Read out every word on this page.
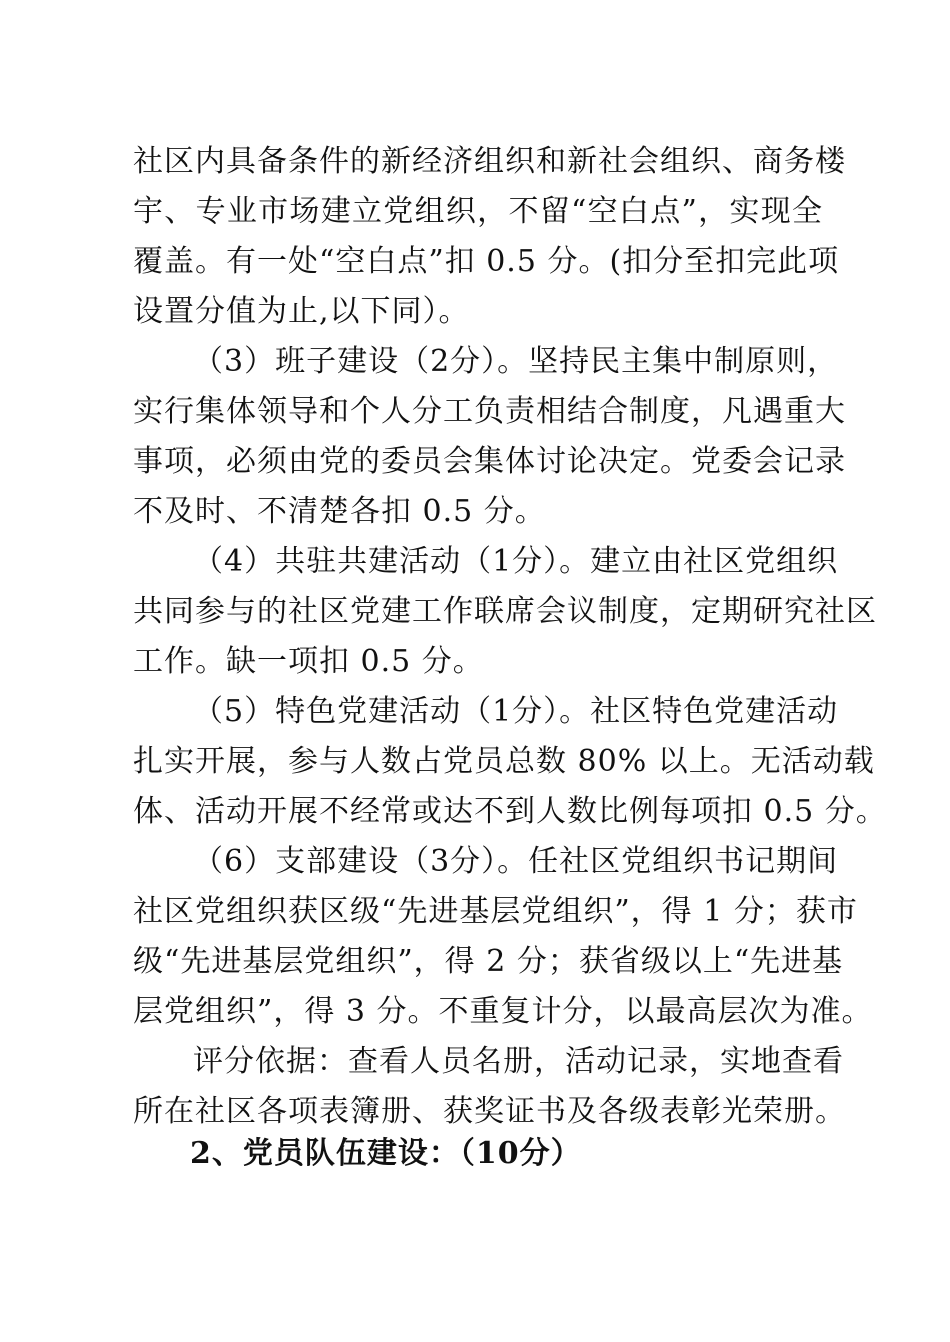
社区内具备条件的新经济组织和新社会组织、商务楼
宇、专业市场建立党组织，不留“空白点”，实现全
覆盖。有一处“空白点”扣 0.5 分。(扣分至扣完此项
设置分值为止,以下同）。
（3）班子建设（2分）。坚持民主集中制原则，
实行集体领导和个人分工负责相结合制度，凡遇重大
事项，必须由党的委员会集体讨论决定。党委会记录
不及时、不清楚各扣 0.5 分。
（4）共驻共建活动（1分）。建立由社区党组织
共同参与的社区党建工作联席会议制度，定期研究社区
工作。缺一项扣 0.5 分。
（5）特色党建活动（1分）。社区特色党建活动
扎实开展，参与人数占党员总数 80% 以上。无活动载
体、活动开展不经常或达不到人数比例每项扣 0.5 分。
（6）支部建设（3分）。任社区党组织书记期间
社区党组织获区级“先进基层党组织”，得 1 分；获市
级“先进基层党组织”，得 2 分；获省级以上“先进基
层党组织”，得 3 分。不重复计分，以最高层次为准。
评分依据：查看人员名册，活动记录，实地查看
所在社区各项表簿册、获奖证书及各级表彰光荣册。
2、党员队伍建设：（10分）
